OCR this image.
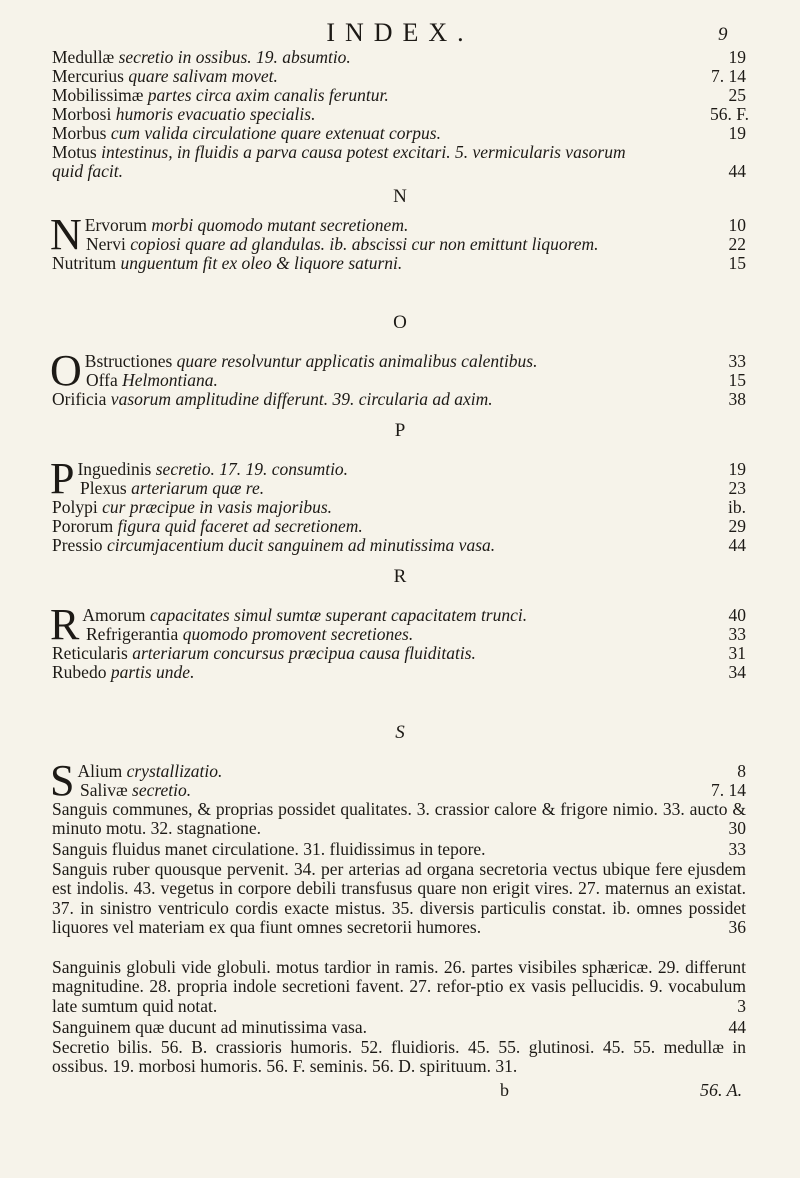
INDEX.	9
Medullæ secretio in ossibus. 19. absumtio.	19
Mercurius quare salivam movet.	7. 14
Mobilissimæ partes circa axim canalis feruntur.	25
Morbosi humoris evacuatio specialis.	56. F.
Morbus cum valida circulatione quare extenuat corpus.	19
Motus intestinus, in fluidis a parva causa potest excitari. 5. vermicularis vasorum
quid facit.	44
N
N Ervorum morbi quomodo mutant secretionem.	10
Nervi copiosi quare ad glandulas. ib. abscissi cur non emittunt liquorem.	22
Nutritum unguentum fit ex oleo & liquore saturni.	15
O
O Bstructiones quare resolvuntur applicatis animalibus calentibus.	33
Offa Helmontiana.	15
Orificia vasorum amplitudine differunt. 39. circularia ad axim.	38
P
P Inguedinis secretio. 17. 19. consumtio.	19
Plexus arteriarum quæ re.	23
Polypi cur præcipue in vasis majoribus.	ib.
Pororum figura quid faceret ad secretionem.	29
Pressio circumjacentium ducit sanguinem ad minutissima vasa.	44
R
R Amorum capacitates simul sumtæ superant capacitatem trunci.	40
Refrigerantia quomodo promovent secretiones.	33
Reticularis arteriarum concursus præcipua causa fluiditatis.	31
Rubedo partis unde.	34
S
S Alium crystallizatio.	8
Salivæ secretio.	7. 14
Sanguis communes, & proprias possidet qualitates. 3. crassior calore & frigore nimio. 33. aucto & minuto motu. 32. stagnatione.	30
Sanguis fluidus manet circulatione. 31. fluidissimus in tepore.	33
Sanguis ruber quousque pervenit. 34. per arterias ad organa secretoria vectus ubique fere ejusdem est indolis. 43. vegetus in corpore debili transfusus quare non erigit vires. 27. maternus an existat. 37. in sinistro ventriculo cordis exacte mistus. 35. diversis particulis constat. ib. omnes possidet liquores vel materiam ex qua fiunt omnes secretorii humores.	36
Sanguinis globuli vide globuli. motus tardior in ramis. 26. partes visibiles sphæricæ. 29. differunt magnitudine. 28. propria indole secretioni favent. 27. refor-ptio ex vasis pellucidis. 9. vocabulum late sumtum quid notat.	3
Sanguinem quæ ducunt ad minutissima vasa.	44
Secretio bilis. 56. B. crassioris humoris. 52. fluidioris. 45. 55. glutinosi. 45. 55. medullæ in ossibus. 19. morbosi humoris. 56. F. seminis. 56. D. spirituum. 31.
b	56. A.
